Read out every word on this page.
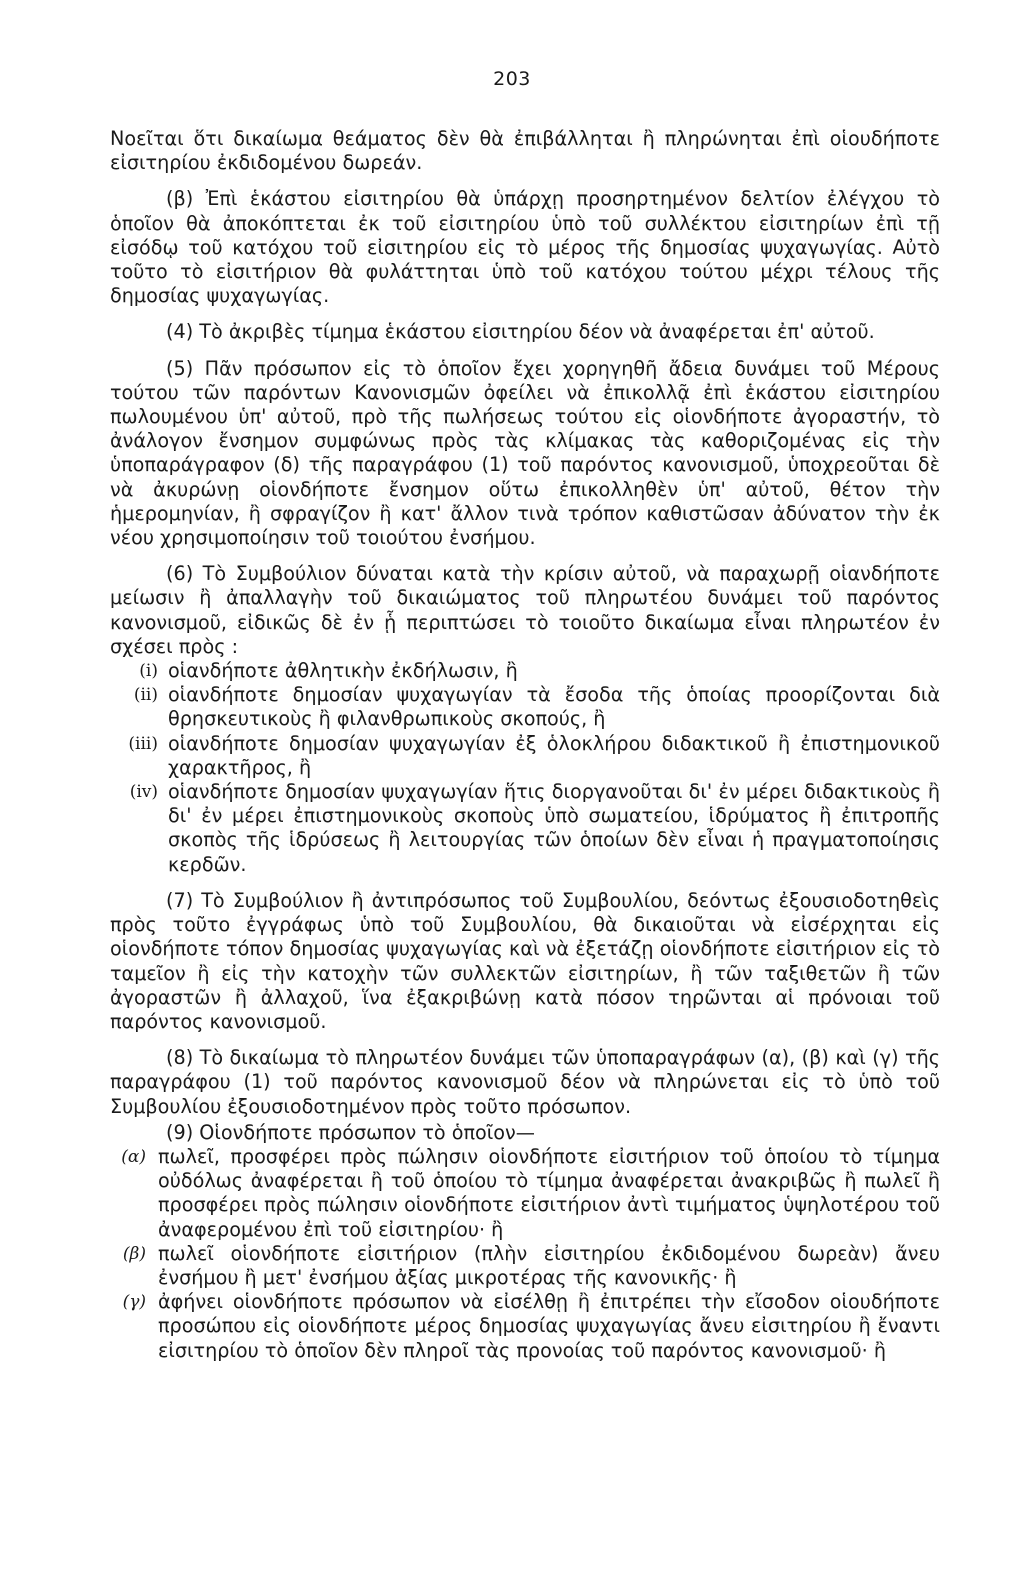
203

Νοεῖται ὅτι δικαίωμα θεάματος δὲν θὰ ἐπιβάλληται ἢ πληρώνηται ἐπὶ οἱουδήποτε εἰσιτηρίου ἐκδιδομένου δωρεάν.

(β) Ἐπὶ ἑκάστου εἰσιτηρίου θὰ ὑπάρχῃ προσηρτημένον δελτίον ἐλέγχου τὸ ὁποῖον θὰ ἀποκόπτεται ἐκ τοῦ εἰσιτηρίου ὑπὸ τοῦ συλλέκτου εἰσιτηρίων ἐπὶ τῇ εἰσόδῳ τοῦ κατόχου τοῦ εἰσιτηρίου εἰς τὸ μέρος τῆς δημοσίας ψυχαγωγίας. Αὐτὸ τοῦτο τὸ εἰσιτήριον θὰ φυλάττηται ὑπὸ τοῦ κατόχου τούτου μέχρι τέλους τῆς δημοσίας ψυχαγωγίας.

(4) Τὸ ἀκριβὲς τίμημα ἑκάστου εἰσιτηρίου δέον νὰ ἀναφέρεται ἐπ' αὐτοῦ.

(5) Πᾶν πρόσωπον εἰς τὸ ὁποῖον ἔχει χορηγηθῆ ἄδεια δυνάμει τοῦ Μέρους τούτου τῶν παρόντων Κανονισμῶν ὀφείλει νὰ ἐπικολλᾷ ἐπὶ ἑκάστου εἰσιτηρίου πωλουμένου ὑπ' αὐτοῦ, πρὸ τῆς πωλήσεως τούτου εἰς οἱονδήποτε ἀγοραστήν, τὸ ἀνάλογον ἔνσημον συμφώνως πρὸς τὰς κλίμακας τὰς καθοριζομένας εἰς τὴν ὑποπαράγραφον (δ) τῆς παραγράφου (1) τοῦ παρόντος κανονισμοῦ, ὑποχρεοῦται δὲ νὰ ἀκυρώνῃ οἱονδήποτε ἔνσημον οὕτω ἐπικολληθὲν ὑπ' αὐτοῦ, θέτον τὴν ἡμερομηνίαν, ἢ σφραγίζον ἢ κατ' ἄλλον τινὰ τρόπον καθιστῶσαν ἀδύνατον τὴν ἐκ νέου χρησιμοποίησιν τοῦ τοιούτου ἐνσήμου.

(6) Τὸ Συμβούλιον δύναται κατὰ τὴν κρίσιν αὐτοῦ, νὰ παραχωρῇ οἱανδήποτε μείωσιν ἢ ἀπαλλαγὴν τοῦ δικαιώματος τοῦ πληρωτέου δυνάμει τοῦ παρόντος κανονισμοῦ, εἰδικῶς δὲ ἐν ᾗ περιπτώσει τὸ τοιοῦτο δικαίωμα εἶναι πληρωτέον ἐν σχέσει πρὸς :

(i) οἱανδήποτε ἀθλητικὴν ἐκδήλωσιν, ἢ
(ii) οἱανδήποτε δημοσίαν ψυχαγωγίαν τὰ ἔσοδα τῆς ὁποίας προορίζονται διὰ θρησκευτικοὺς ἢ φιλανθρωπικοὺς σκοπούς, ἢ
(iii) οἱανδήποτε δημοσίαν ψυχαγωγίαν ἐξ ὁλοκλήρου διδακτικοῦ ἢ ἐπιστημονικοῦ χαρακτῆρος, ἢ
(iv) οἱανδήποτε δημοσίαν ψυχαγωγίαν ἥτις διοργανοῦται δι' ἐν μέρει διδακτικοὺς ἢ δι' ἐν μέρει ἐπιστημονικοὺς σκοποὺς ὑπὸ σωματείου, ἱδρύματος ἢ ἐπιτροπῆς σκοπὸς τῆς ἱδρύσεως ἢ λειτουργίας τῶν ὁποίων δὲν εἶναι ἡ πραγματοποίησις κερδῶν.

(7) Τὸ Συμβούλιον ἢ ἀντιπρόσωπος τοῦ Συμβουλίου, δεόντως ἐξουσιοδοτηθεὶς πρὸς τοῦτο ἐγγράφως ὑπὸ τοῦ Συμβουλίου, θὰ δικαιοῦται νὰ εἰσέρχηται εἰς οἱονδήποτε τόπον δημοσίας ψυχαγωγίας καὶ νὰ ἐξετάζῃ οἱονδήποτε εἰσιτήριον εἰς τὸ ταμεῖον ἢ εἰς τὴν κατοχὴν τῶν συλλεκτῶν εἰσιτηρίων, ἢ τῶν ταξιθετῶν ἢ τῶν ἀγοραστῶν ἢ ἀλλαχοῦ, ἵνα ἐξακριβώνῃ κατὰ πόσον τηρῶνται αἱ πρόνοιαι τοῦ παρόντος κανονισμοῦ.

(8) Τὸ δικαίωμα τὸ πληρωτέον δυνάμει τῶν ὑποπαραγράφων (α), (β) καὶ (γ) τῆς παραγράφου (1) τοῦ παρόντος κανονισμοῦ δέον νὰ πληρώνεται εἰς τὸ ὑπὸ τοῦ Συμβουλίου ἐξουσιοδοτημένον πρὸς τοῦτο πρόσωπον.

(9) Οἱονδήποτε πρόσωπον τὸ ὁποῖον—

(α) πωλεῖ, προσφέρει πρὸς πώλησιν οἱονδήποτε εἰσιτήριον τοῦ ὁποίου τὸ τίμημα οὐδόλως ἀναφέρεται ἢ τοῦ ὁποίου τὸ τίμημα ἀναφέρεται ἀνακριβῶς ἢ πωλεῖ ἢ προσφέρει πρὸς πώλησιν οἱονδήποτε εἰσιτήριον ἀντὶ τιμήματος ὑψηλοτέρου τοῦ ἀναφερομένου ἐπὶ τοῦ εἰσιτηρίου· ἢ
(β) πωλεῖ οἱονδήποτε εἰσιτήριον (πλὴν εἰσιτηρίου ἐκδιδομένου δωρεὰν) ἄνευ ἐνσήμου ἢ μετ' ἐνσήμου ἀξίας μικροτέρας τῆς κανονικῆς· ἢ
(γ) ἀφήνει οἱονδήποτε πρόσωπον νὰ εἰσέλθῃ ἢ ἐπιτρέπει τὴν εἴσοδον οἱουδήποτε προσώπου εἰς οἱονδήποτε μέρος δημοσίας ψυχαγωγίας ἄνευ εἰσιτηρίου ἢ ἔναντι εἰσιτηρίου τὸ ὁποῖον δὲν πληροῖ τὰς προνοίας τοῦ παρόντος κανονισμοῦ· ἢ
